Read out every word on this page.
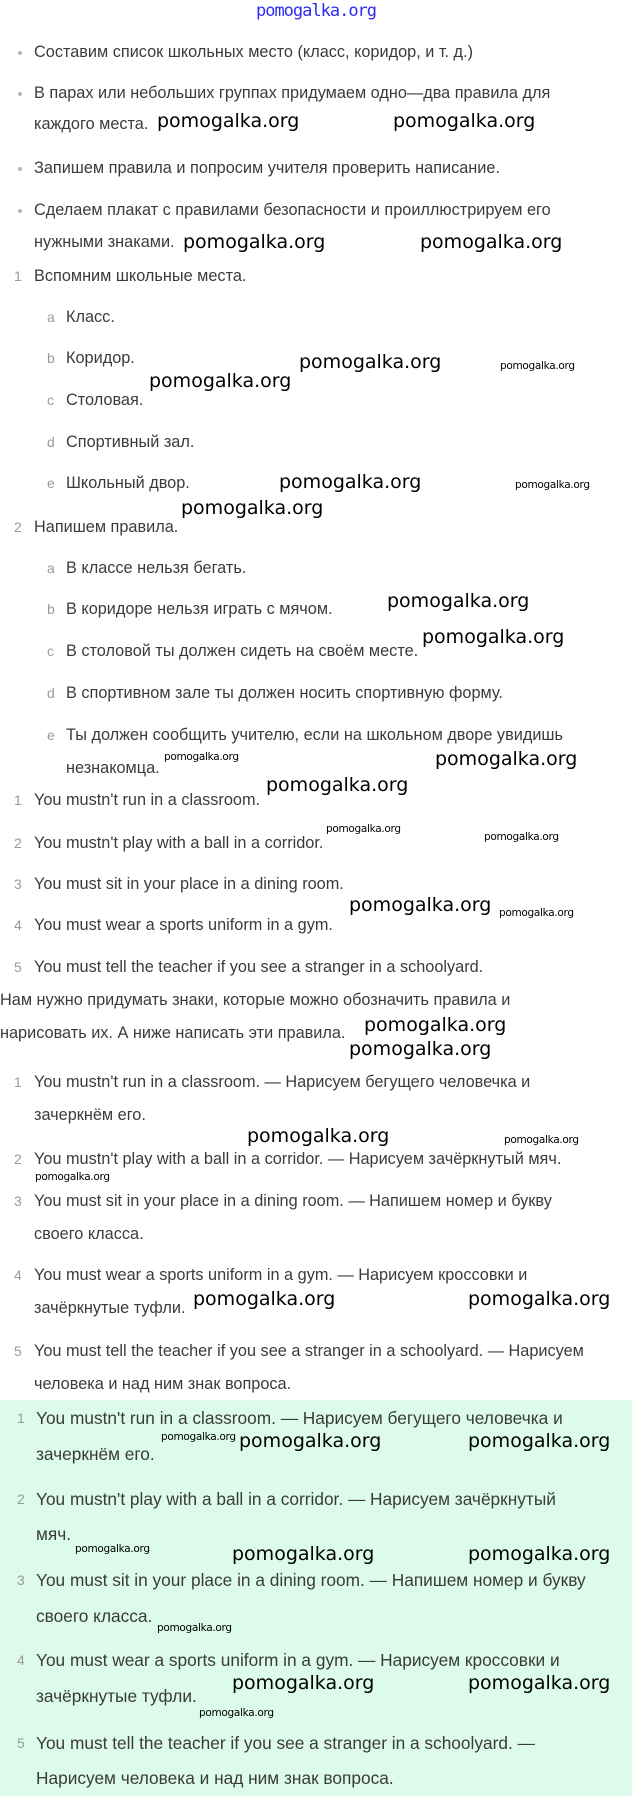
pomogalka.org
Составим список школьных место (класс, коридор, и т. д.)
В парах или небольших группах придумаем одно—два правила для
каждого места.
Запишем правила и попросим учителя проверить написание.
Сделаем плакат с правилами безопасности и проиллюстрируем его
нужными знаками.
1 Вспомним школьные места.
a Класс.
b Коридор.
c Столовая.
d Спортивный зал.
e Школьный двор.
2 Напишем правила.
a В классе нельзя бегать.
b В коридоре нельзя играть с мячом.
c В столовой ты должен сидеть на своём месте.
d В спортивном зале ты должен носить спортивную форму.
e Ты должен сообщить учителю, если на школьном дворе увидишь
незнакомца.
1 You mustn't run in a classroom.
2 You mustn't play with a ball in a corridor.
3 You must sit in your place in a dining room.
4 You must wear a sports uniform in a gym.
5 You must tell the teacher if you see a stranger in a schoolyard.
Нам нужно придумать знаки, которые можно обозначить правила и
нарисовать их. А ниже написать эти правила.
1 You mustn't run in a classroom. — Нарисуем бегущего человечка и
зачеркнём его.
2 You mustn't play with a ball in a corridor. — Нарисуем зачёркнутый мяч.
3 You must sit in your place in a dining room. — Напишем номер и букву
своего класса.
4 You must wear a sports uniform in a gym. — Нарисуем кроссовки и
зачёркнутые туфли.
5 You must tell the teacher if you see a stranger in a schoolyard. — Нарисуем
человека и над ним знак вопроса.
1 You mustn't run in a classroom. — Нарисуем бегущего человечка и
зачеркнём его.
2 You mustn't play with a ball in a corridor. — Нарисуем зачёркнутый
мяч.
3 You must sit in your place in a dining room. — Напишем номер и букву
своего класса.
4 You must wear a sports uniform in a gym. — Нарисуем кроссовки и
зачёркнутые туфли.
5 You must tell the teacher if you see a stranger in a schoolyard. —
Нарисуем человека и над ним знак вопроса.
pomogalka.org	pomogalka.org
pomogalka.org	pomogalka.org
pomogalka.org
pomogalka.org	pomogalka.org
pomogalka.org	pomogalka.org
pomogalka.org
pomogalka.org
pomogalka.org
pomogalka.org
pomogalka.org
pomogalka.org
pomogalka.org
pomogalka.org
pomogalka.org pomogalka.org
pomogalka.org
pomogalka.org
pomogalka.org
pomogalka.org
pomogalka.org
pomogalka.org	pomogalka.org
pomogalka.org pomogalka.org	pomogalka.org
pomogalka.org	pomogalka.org	pomogalka.org
pomogalka.org
pomogalka.org	pomogalka.org
pomogalka.org
